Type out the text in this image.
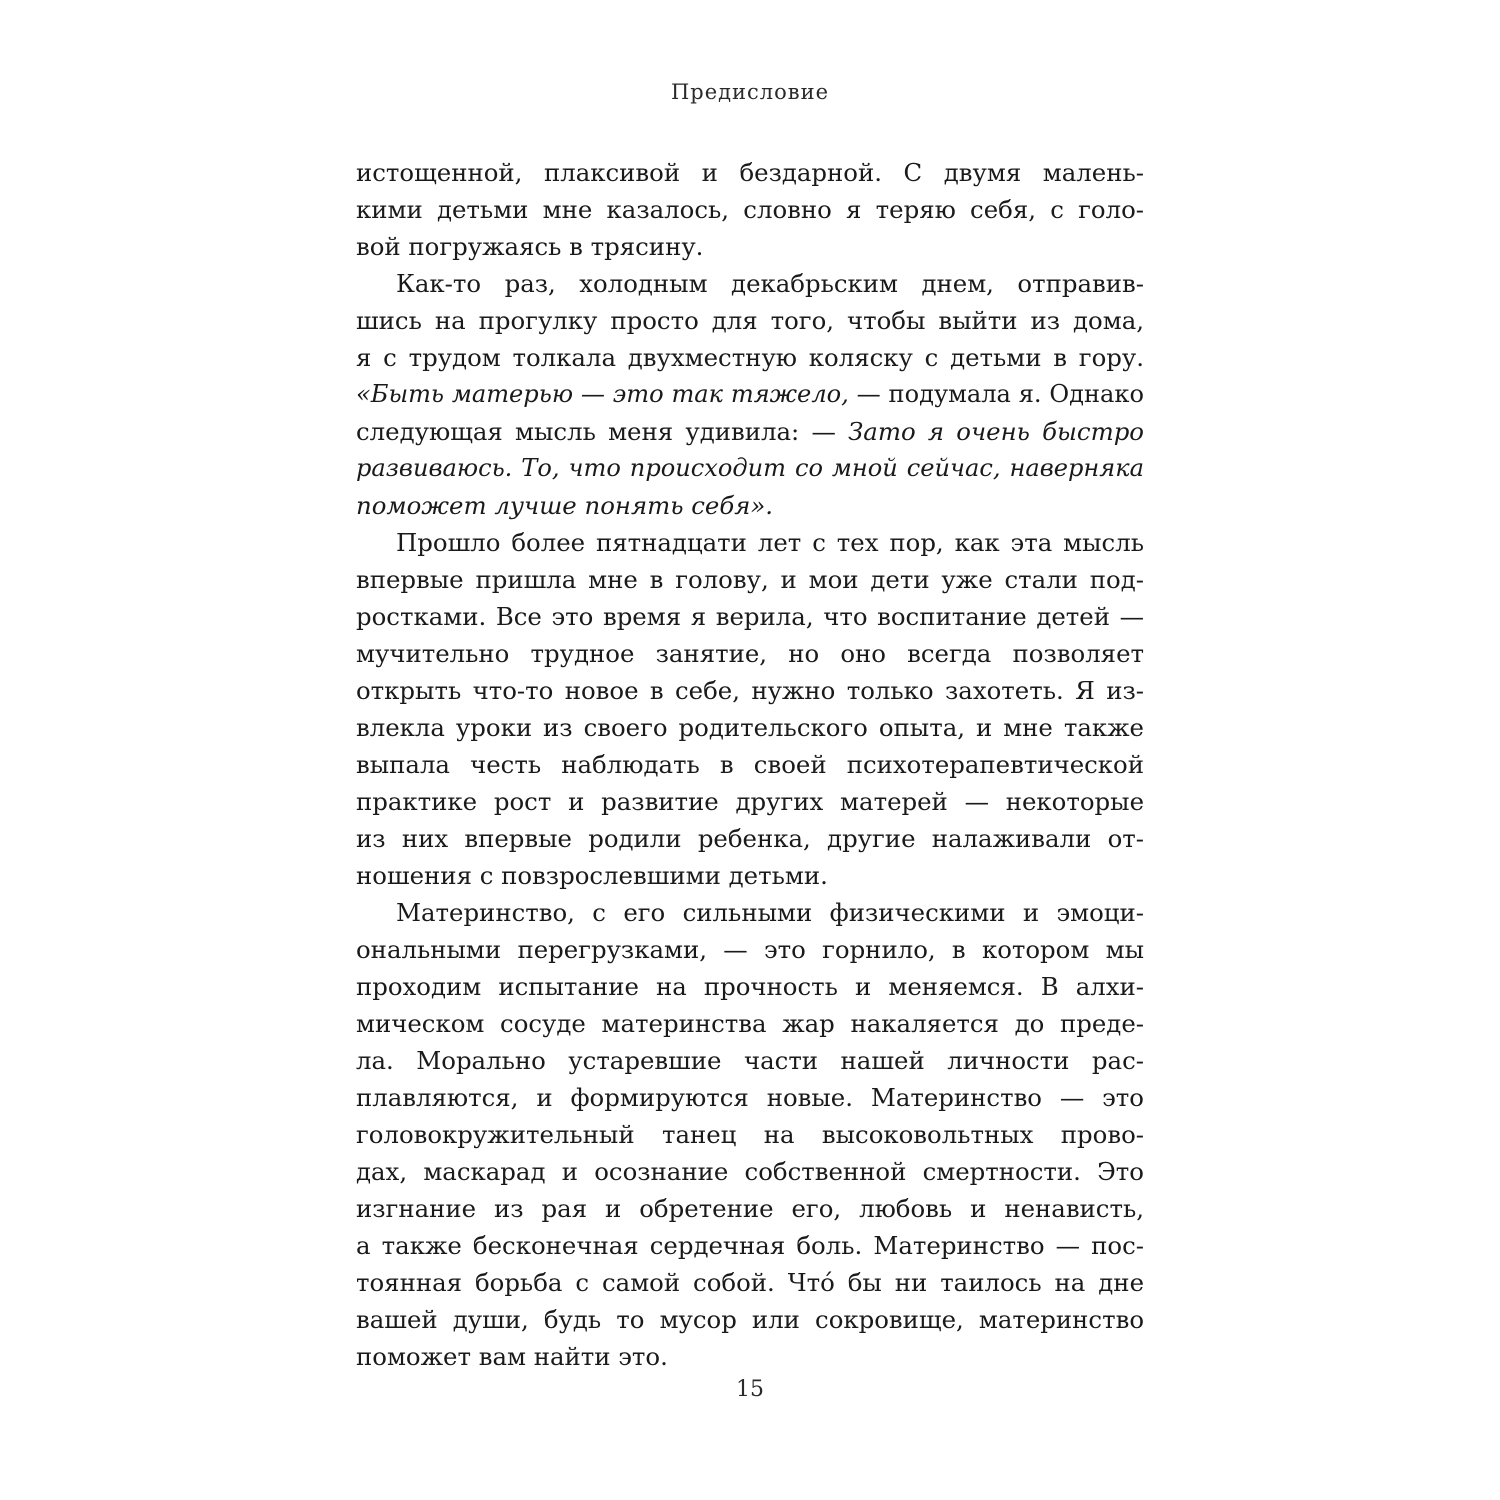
Предисловие
истощенной, плаксивой и бездарной. С двумя малень-
кими детьми мне казалось, словно я теряю себя, с голо-
вой погружаясь в трясину.
Как-то раз, холодным декабрьским днем, отправив-
шись на прогулку просто для того, чтобы выйти из дома,
я с трудом толкала двухместную коляску с детьми в гору.
«Быть матерью — это так тяжело, — подумала я. Однако
следующая мысль меня удивила: — Зато я очень быстро
развиваюсь. То, что происходит со мной сейчас, наверняка
поможет лучше понять себя».
Прошло более пятнадцати лет с тех пор, как эта мысль
впервые пришла мне в голову, и мои дети уже стали под-
ростками. Все это время я верила, что воспитание детей —
мучительно трудное занятие, но оно всегда позволяет
открыть что-то новое в себе, нужно только захотеть. Я из-
влекла уроки из своего родительского опыта, и мне также
выпала честь наблюдать в своей психотерапевтической
практике рост и развитие других матерей — некоторые
из них впервые родили ребенка, другие налаживали от-
ношения с повзрослевшими детьми.
Материнство, с его сильными физическими и эмоци-
ональными перегрузками, — это горнило, в котором мы
проходим испытание на прочность и меняемся. В алхи-
мическом сосуде материнства жар накаляется до преде-
ла. Морально устаревшие части нашей личности рас-
плавляются, и формируются новые. Материнство — это
головокружительный танец на высоковольтных прово-
дах, маскарад и осознание собственной смертности. Это
изгнание из рая и обретение его, любовь и ненависть,
а также бесконечная сердечная боль. Материнство — пос-
тоянная борьба с самой собой. Чтó бы ни таилось на дне
вашей души, будь то мусор или сокровище, материнство
поможет вам найти это.
15
